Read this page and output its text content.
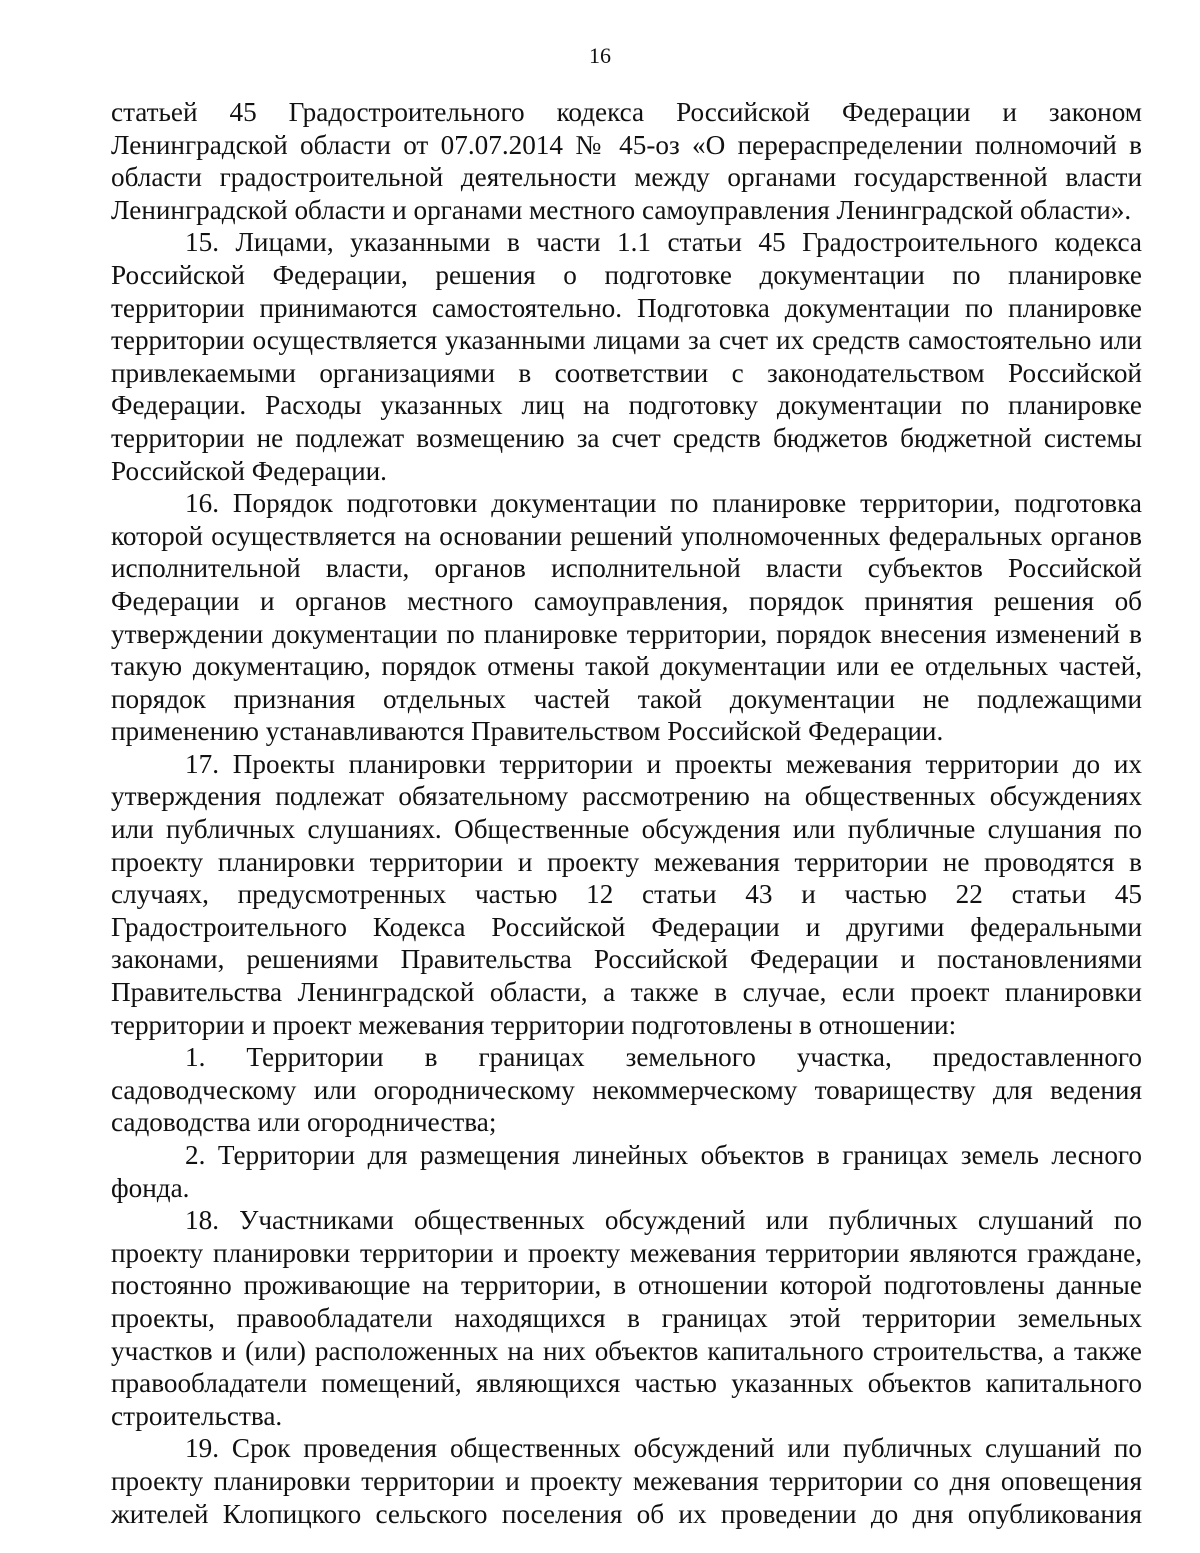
16
статьей 45 Градостроительного кодекса Российской Федерации и законом
Ленинградской области от 07.07.2014 № 45-оз «О перераспределении полномочий в
области градостроительной деятельности между органами государственной власти
Ленинградской области и органами местного самоуправления Ленинградской области».
15. Лицами, указанными в части 1.1 статьи 45 Градостроительного кодекса
Российской Федерации, решения о подготовке документации по планировке
территории принимаются самостоятельно. Подготовка документации по планировке
территории осуществляется указанными лицами за счет их средств самостоятельно или
привлекаемыми организациями в соответствии с законодательством Российской
Федерации. Расходы указанных лиц на подготовку документации по планировке
территории не подлежат возмещению за счет средств бюджетов бюджетной системы
Российской Федерации.
16. Порядок подготовки документации по планировке территории, подготовка
которой осуществляется на основании решений уполномоченных федеральных органов
исполнительной власти, органов исполнительной власти субъектов Российской
Федерации и органов местного самоуправления, порядок принятия решения об
утверждении документации по планировке территории, порядок внесения изменений в
такую документацию, порядок отмены такой документации или ее отдельных частей,
порядок признания отдельных частей такой документации не подлежащими
применению устанавливаются Правительством Российской Федерации.
17. Проекты планировки территории и проекты межевания территории до их
утверждения подлежат обязательному рассмотрению на общественных обсуждениях
или публичных слушаниях. Общественные обсуждения или публичные слушания по
проекту планировки территории и проекту межевания территории не проводятся в
случаях, предусмотренных частью 12 статьи 43 и частью 22 статьи 45
Градостроительного Кодекса Российской Федерации и другими федеральными
законами, решениями Правительства Российской Федерации и постановлениями
Правительства Ленинградской области, а также в случае, если проект планировки
территории и проект межевания территории подготовлены в отношении:
1. Территории в границах земельного участка, предоставленного
садоводческому или огородническому некоммерческому товариществу для ведения
садоводства или огородничества;
2. Территории для размещения линейных объектов в границах земель лесного
фонда.
18. Участниками общественных обсуждений или публичных слушаний по
проекту планировки территории и проекту межевания территории являются граждане,
постоянно проживающие на территории, в отношении которой подготовлены данные
проекты, правообладатели находящихся в границах этой территории земельных
участков и (или) расположенных на них объектов капитального строительства, а также
правообладатели помещений, являющихся частью указанных объектов капитального
строительства.
19. Срок проведения общественных обсуждений или публичных слушаний по
проекту планировки территории и проекту межевания территории со дня оповещения
жителей Клопицкого сельского поселения об их проведении до дня опубликования
